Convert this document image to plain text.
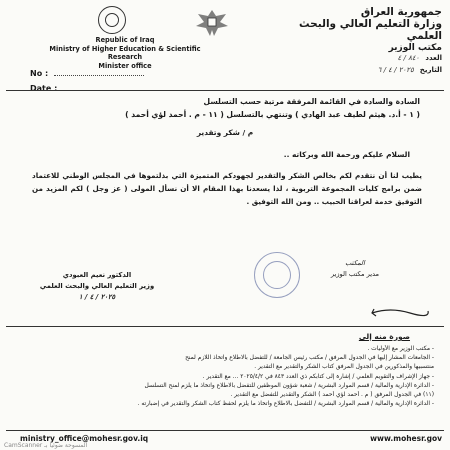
جمهورية العراق
وزارة التعليم العالي والبحث العلمي
مكتب الوزير
Republic of Iraq
Ministry of Higher Education & Scientific Research
Minister office
العدد
٨٤٠ / ٤
التاريخ
٢٠٢٥ / ٤ / ٦
No :
Date :
السادة والسادة في القائمة المرفقة مرتبة حسب التسلسل
( ١ - أ.د. هيثم لطيف عبد الهادي ) وتنتهي بالتسلسل ( ١١ - م . أحمد لؤي أحمد )
م / شكر وتقدير
السلام عليكم ورحمة الله وبركاته ..
يطيب لنا أن نتقدم لكم بخالص الشكر والتقدير لجهودكم المتميزة التي بذلتموها في المجلس الوطني للاعتماد ضمن برامج كليات المجموعة التربوية ، لذا يسعدنا بهذا المقام الا أن نسأل المولى ( عز وجل ) لكم المزيد من التوفيق خدمة لعراقنا الحبيب .. ومن الله التوفيق .
المكتب
مدير مكتب الوزير
الدكتور نعيم العبودي
وزير التعليم العالي والبحث العلمي
٢٠٢٥ / ٤ / ١
صورة منه إلى
- مكتب الوزير مع الأوليات .
- الجامعات المشار إليها في الجدول المرفق / مكتب رئيس الجامعة / للتفضل بالاطلاع واتخاذ اللازم لمنح
منتسبيها والمذكورين في الجدول المرفق كتاب الشكر والتقدير مع التقدير .
- جهاز الإشراف والتقويم العلمي / إشارة إلى كتابكم ذي العدد ٨٤٣ في ٢٠٢٥/٤/٢ ... مع التقدير .
- الدائرة الإدارية والمالية / قسم الموارد البشرية / شعبة شؤون الموظفين للتفضل بالاطلاع واتخاذ ما يلزم لمنح التسلسل
(١١) في الجدول المرفق ( م . أحمد لؤي أحمد ) الشكر والتقدير للتفضل مع التقدير .
- الدائرة الإدارية والمالية / قسم الموارد البشرية / للتفضل بالاطلاع واتخاذ ما يلزم لحفظ كتاب الشكر والتقدير في إضبارته .
ministry_office@mohesr.gov.iq	www.mohesr.gov
CamScanner المسوحة ضوئيا بـ
